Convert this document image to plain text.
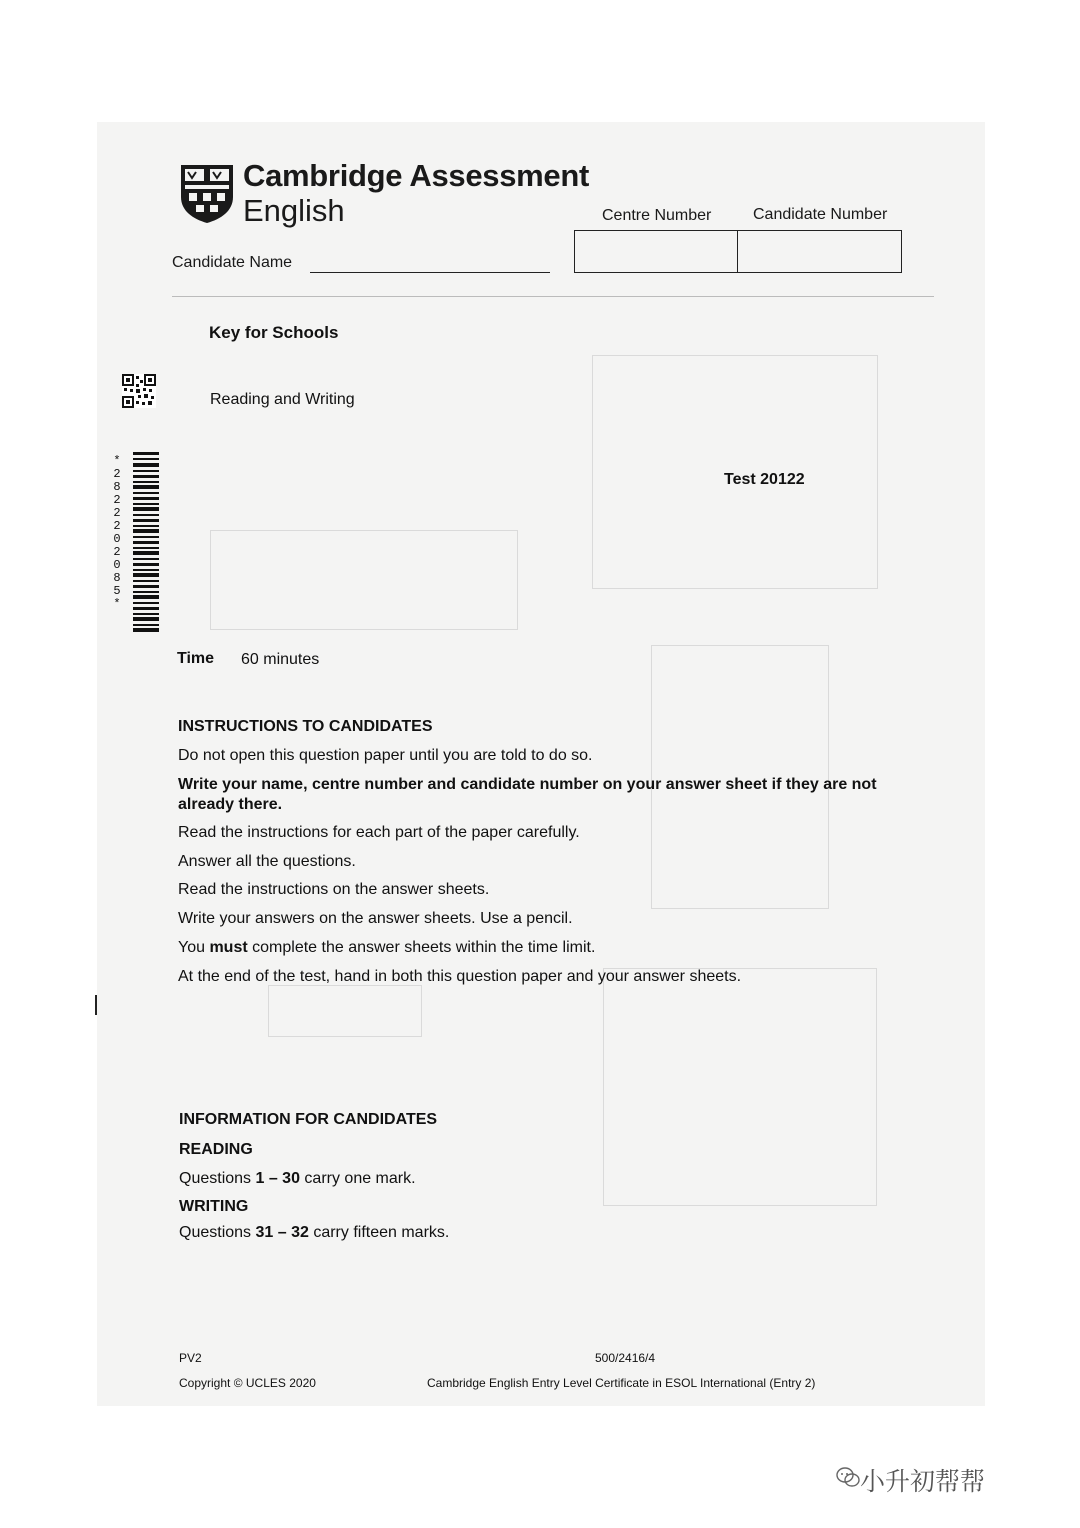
Cambridge Assessment
English	Centre Number	Candidate Number
Candidate Name
Key for Schools
Reading and Writing
Test 20122
*2822202085*
Time 60 minutes
INSTRUCTIONS TO CANDIDATES
Do not open this question paper until you are told to do so.
Write your name, centre number and candidate number on your answer sheet if they are not already there.
Read the instructions for each part of the paper carefully.
Answer all the questions.
Read the instructions on the answer sheets.
Write your answers on the answer sheets. Use a pencil.
You must complete the answer sheets within the time limit.
At the end of the test, hand in both this question paper and your answer sheets.
INFORMATION FOR CANDIDATES
READING
Questions 1 – 30 carry one mark.
WRITING
Questions 31 – 32 carry fifteen marks.
PV2	500/2416/4
Copyright © UCLES 2020	Cambridge English Entry Level Certificate in ESOL International (Entry 2)
小升初帮帮
